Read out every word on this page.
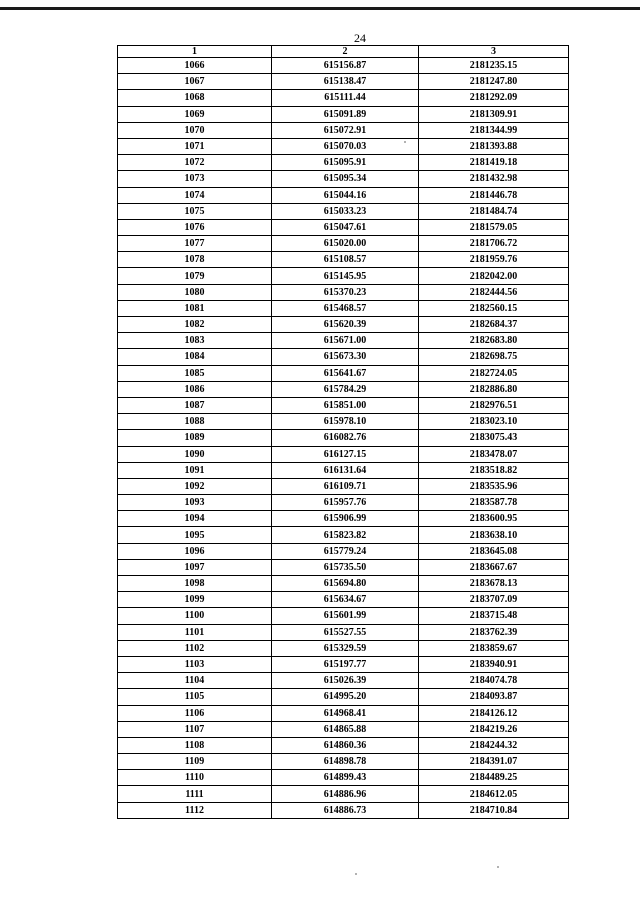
24
1	2	3
1066	615156.87	2181235.15
1067	615138.47	2181247.80
1068	615111.44	2181292.09
1069	615091.89	2181309.91
1070	615072.91	2181344.99
1071	615070.03	2181393.88
1072	615095.91	2181419.18
1073	615095.34	2181432.98
1074	615044.16	2181446.78
1075	615033.23	2181484.74
1076	615047.61	2181579.05
1077	615020.00	2181706.72
1078	615108.57	2181959.76
1079	615145.95	2182042.00
1080	615370.23	2182444.56
1081	615468.57	2182560.15
1082	615620.39	2182684.37
1083	615671.00	2182683.80
1084	615673.30	2182698.75
1085	615641.67	2182724.05
1086	615784.29	2182886.80
1087	615851.00	2182976.51
1088	615978.10	2183023.10
1089	616082.76	2183075.43
1090	616127.15	2183478.07
1091	616131.64	2183518.82
1092	616109.71	2183535.96
1093	615957.76	2183587.78
1094	615906.99	2183600.95
1095	615823.82	2183638.10
1096	615779.24	2183645.08
1097	615735.50	2183667.67
1098	615694.80	2183678.13
1099	615634.67	2183707.09
1100	615601.99	2183715.48
1101	615527.55	2183762.39
1102	615329.59	2183859.67
1103	615197.77	2183940.91
1104	615026.39	2184074.78
1105	614995.20	2184093.87
1106	614968.41	2184126.12
1107	614865.88	2184219.26
1108	614860.36	2184244.32
1109	614898.78	2184391.07
1110	614899.43	2184489.25
1111	614886.96	2184612.05
1112	614886.73	2184710.84
